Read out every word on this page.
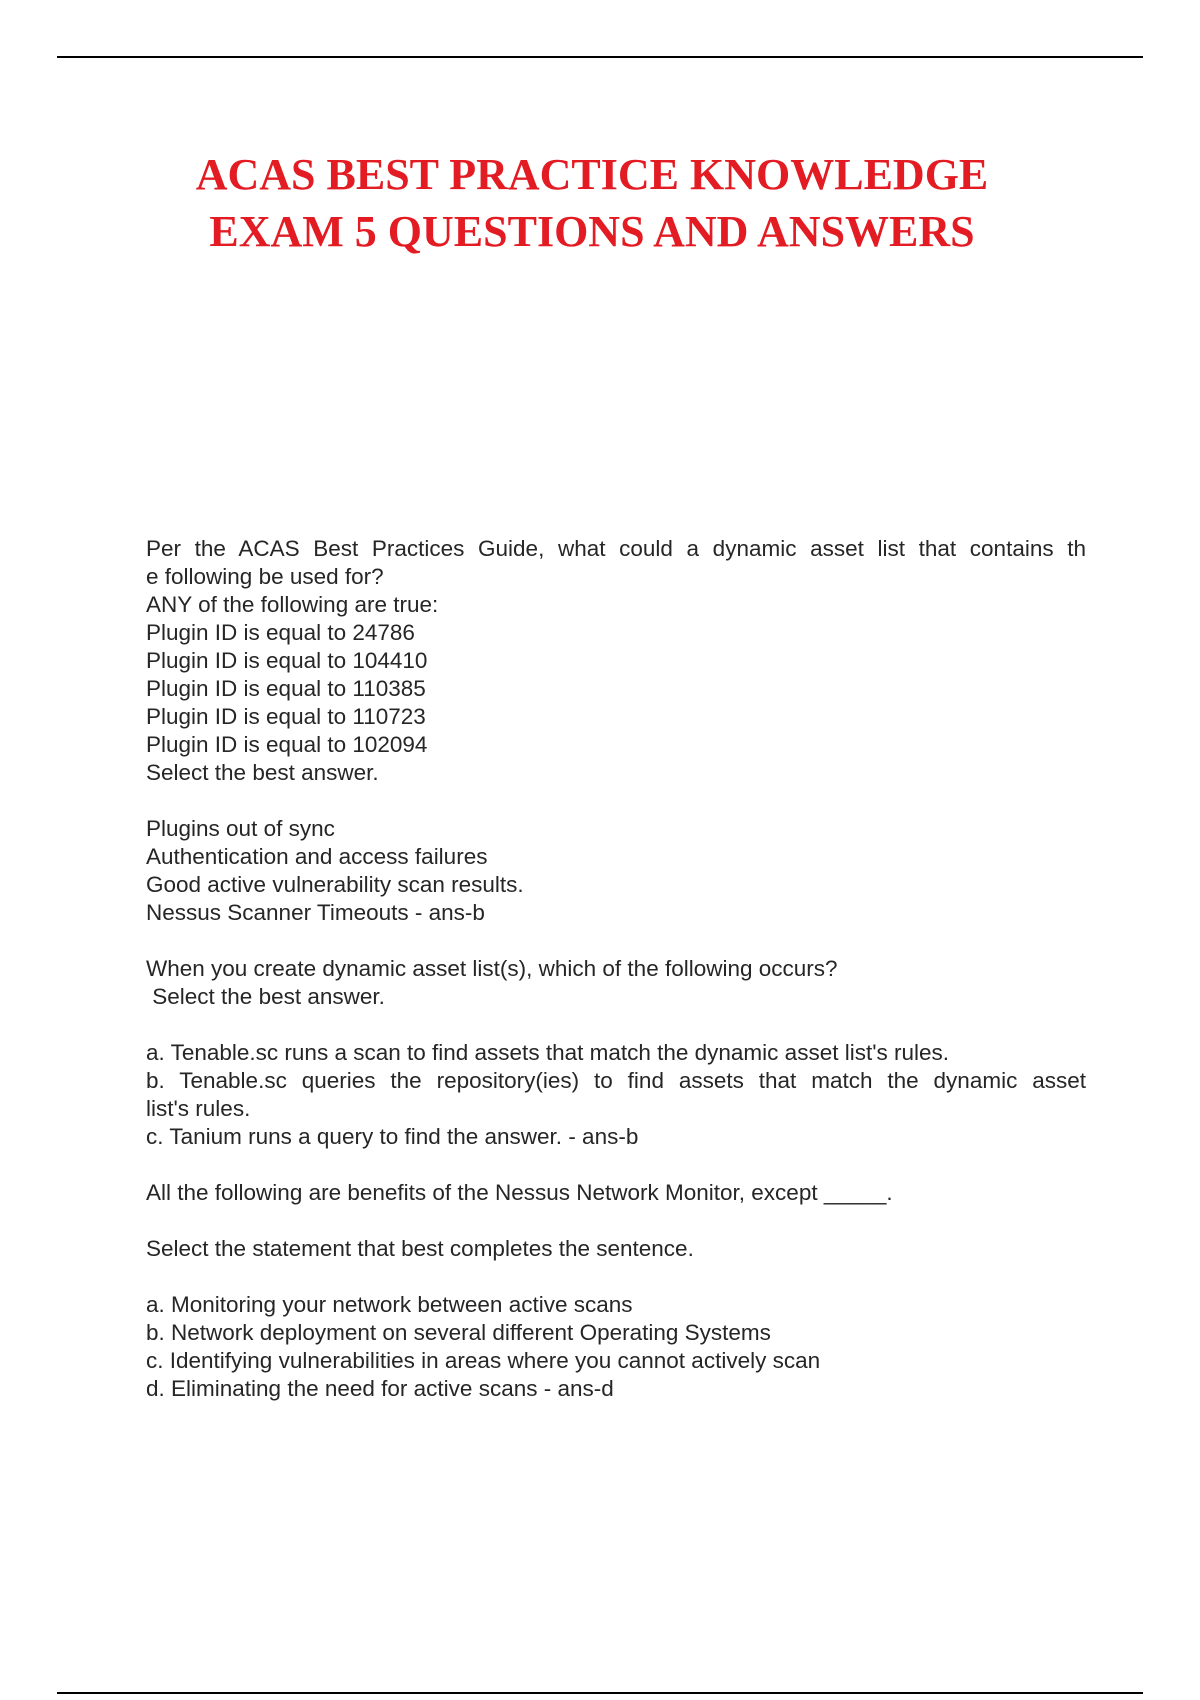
ACAS BEST PRACTICE KNOWLEDGE
EXAM 5 QUESTIONS AND ANSWERS
Per the ACAS Best Practices Guide, what could a dynamic asset list that contains th
e following be used for?
ANY of the following are true:
Plugin ID is equal to 24786
Plugin ID is equal to 104410
Plugin ID is equal to 110385
Plugin ID is equal to 110723
Plugin ID is equal to 102094
Select the best answer.
Plugins out of sync
Authentication and access failures
Good active vulnerability scan results.
Nessus Scanner Timeouts - ans-b
When you create dynamic asset list(s), which of the following occurs?
Select the best answer.
a. Tenable.sc runs a scan to find assets that match the dynamic asset list's rules.
b. Tenable.sc queries the repository(ies) to find assets that match the dynamic asset
list's rules.
c. Tanium runs a query to find the answer. - ans-b
All the following are benefits of the Nessus Network Monitor, except _____.
Select the statement that best completes the sentence.
a. Monitoring your network between active scans
b. Network deployment on several different Operating Systems
c. Identifying vulnerabilities in areas where you cannot actively scan
d. Eliminating the need for active scans - ans-d
